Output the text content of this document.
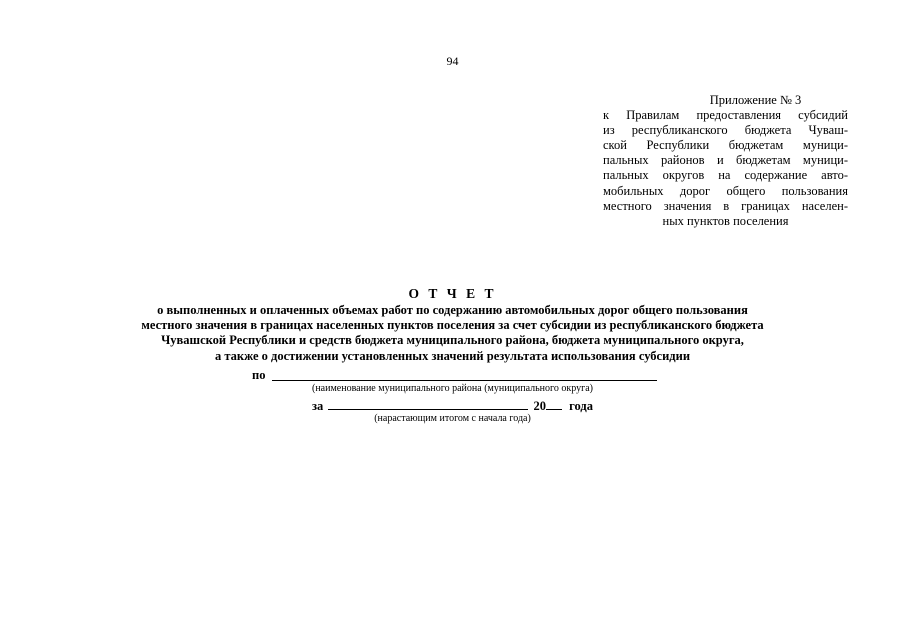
94
Приложение № 3
к Правилам предоставления субсидий
из республиканского бюджета Чуваш-
ской Республики бюджетам муници-
пальных районов и бюджетам муници-
пальных округов на содержание авто-
мобильных дорог общего пользования
местного значения в границах населен-
ных пунктов поселения
О Т Ч Е Т
о выполненных и оплаченных объемах работ по содержанию автомобильных дорог общего пользования
местного значения в границах населенных пунктов поселения за счет субсидии из республиканского бюджета
Чувашской Республики и средств бюджета муниципального района, бюджета муниципального округа,
а также о достижении установленных значений результата использования субсидии
по
(наименование муниципального района (муниципального округа)
за	20 года
(нарастающим итогом с начала года)
